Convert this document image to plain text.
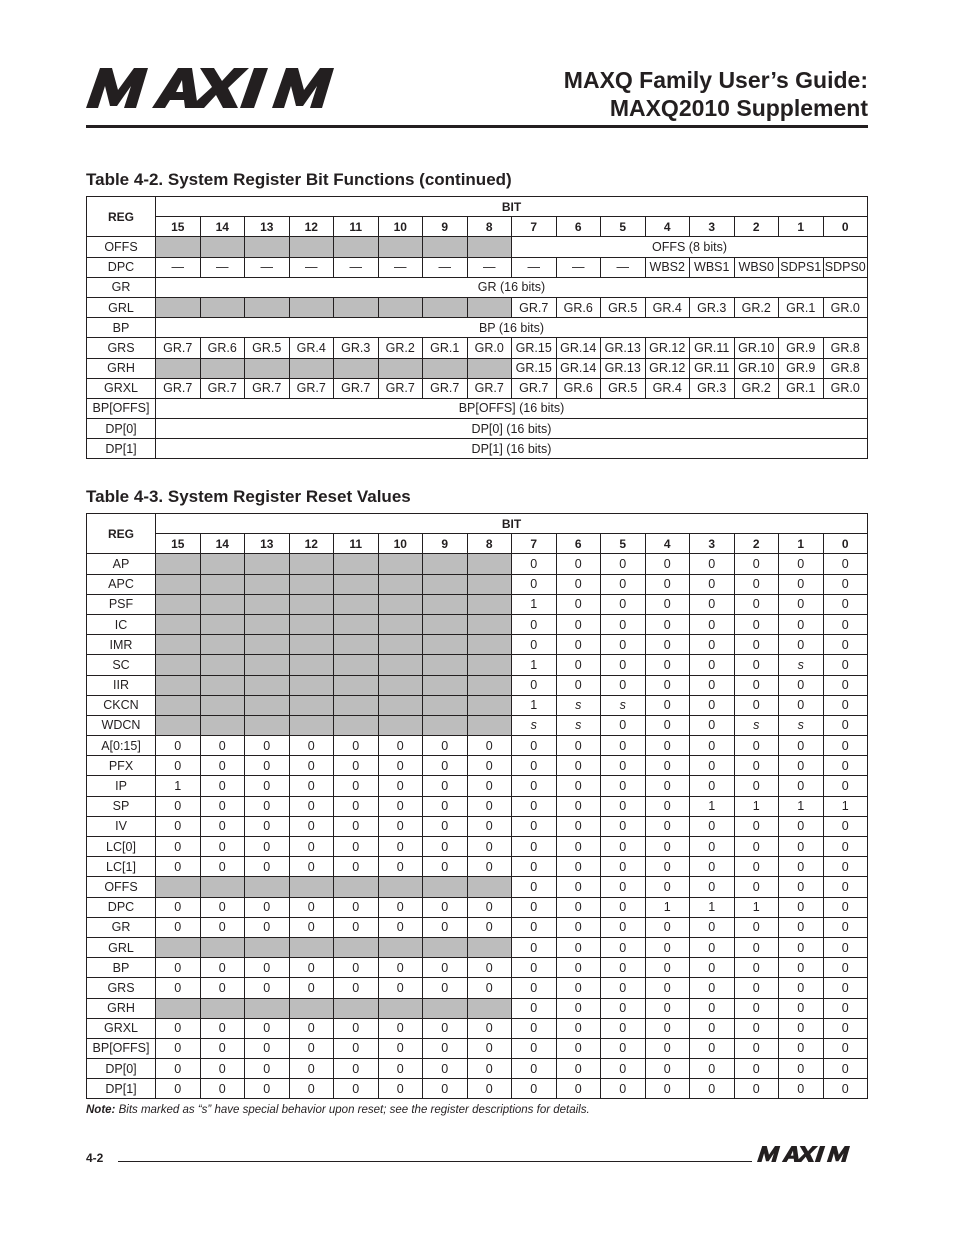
MAXQ Family User’s Guide:
MAXQ2010 Supplement
Table 4-2. System Register Bit Functions (continued)
REG	BIT															
	15	14	13	12	11	10	9	8	7	6	5	4	3	2	1	0
OFFS									OFFS (8 bits)							
DPC	—	—	—	—	—	—	—	—	—	—	—	WBS2	WBS1	WBS0	SDPS1	SDPS0
GR	GR (16 bits)															
GRL									GR.7	GR.6	GR.5	GR.4	GR.3	GR.2	GR.1	GR.0
BP	BP (16 bits)															
GRS	GR.7	GR.6	GR.5	GR.4	GR.3	GR.2	GR.1	GR.0	GR.15	GR.14	GR.13	GR.12	GR.11	GR.10	GR.9	GR.8
GRH									GR.15	GR.14	GR.13	GR.12	GR.11	GR.10	GR.9	GR.8
GRXL	GR.7	GR.7	GR.7	GR.7	GR.7	GR.7	GR.7	GR.7	GR.7	GR.6	GR.5	GR.4	GR.3	GR.2	GR.1	GR.0
BP[OFFS]	BP[OFFS] (16 bits)															
DP[0]	DP[0] (16 bits)															
DP[1]	DP[1] (16 bits)															
Table 4-3. System Register Reset Values
REG	BIT															
	15	14	13	12	11	10	9	8	7	6	5	4	3	2	1	0
AP									0	0	0	0	0	0	0	0
APC									0	0	0	0	0	0	0	0
PSF									1	0	0	0	0	0	0	0
IC									0	0	0	0	0	0	0	0
IMR									0	0	0	0	0	0	0	0
SC									1	0	0	0	0	0	s	0
IIR									0	0	0	0	0	0	0	0
CKCN									1	s	s	0	0	0	0	0
WDCN									s	s	0	0	0	s	s	0
A[0:15]	0	0	0	0	0	0	0	0	0	0	0	0	0	0	0	0
PFX	0	0	0	0	0	0	0	0	0	0	0	0	0	0	0	0
IP	1	0	0	0	0	0	0	0	0	0	0	0	0	0	0	0
SP	0	0	0	0	0	0	0	0	0	0	0	0	1	1	1	1
IV	0	0	0	0	0	0	0	0	0	0	0	0	0	0	0	0
LC[0]	0	0	0	0	0	0	0	0	0	0	0	0	0	0	0	0
LC[1]	0	0	0	0	0	0	0	0	0	0	0	0	0	0	0	0
OFFS									0	0	0	0	0	0	0	0
DPC	0	0	0	0	0	0	0	0	0	0	0	1	1	1	0	0
GR	0	0	0	0	0	0	0	0	0	0	0	0	0	0	0	0
GRL									0	0	0	0	0	0	0	0
BP	0	0	0	0	0	0	0	0	0	0	0	0	0	0	0	0
GRS	0	0	0	0	0	0	0	0	0	0	0	0	0	0	0	0
GRH									0	0	0	0	0	0	0	0
GRXL	0	0	0	0	0	0	0	0	0	0	0	0	0	0	0	0
BP[OFFS]	0	0	0	0	0	0	0	0	0	0	0	0	0	0	0	0
DP[0]	0	0	0	0	0	0	0	0	0	0	0	0	0	0	0	0
DP[1]	0	0	0	0	0	0	0	0	0	0	0	0	0	0	0	0
Note: Bits marked as “s” have special behavior upon reset; see the register descriptions for details.
4-2
